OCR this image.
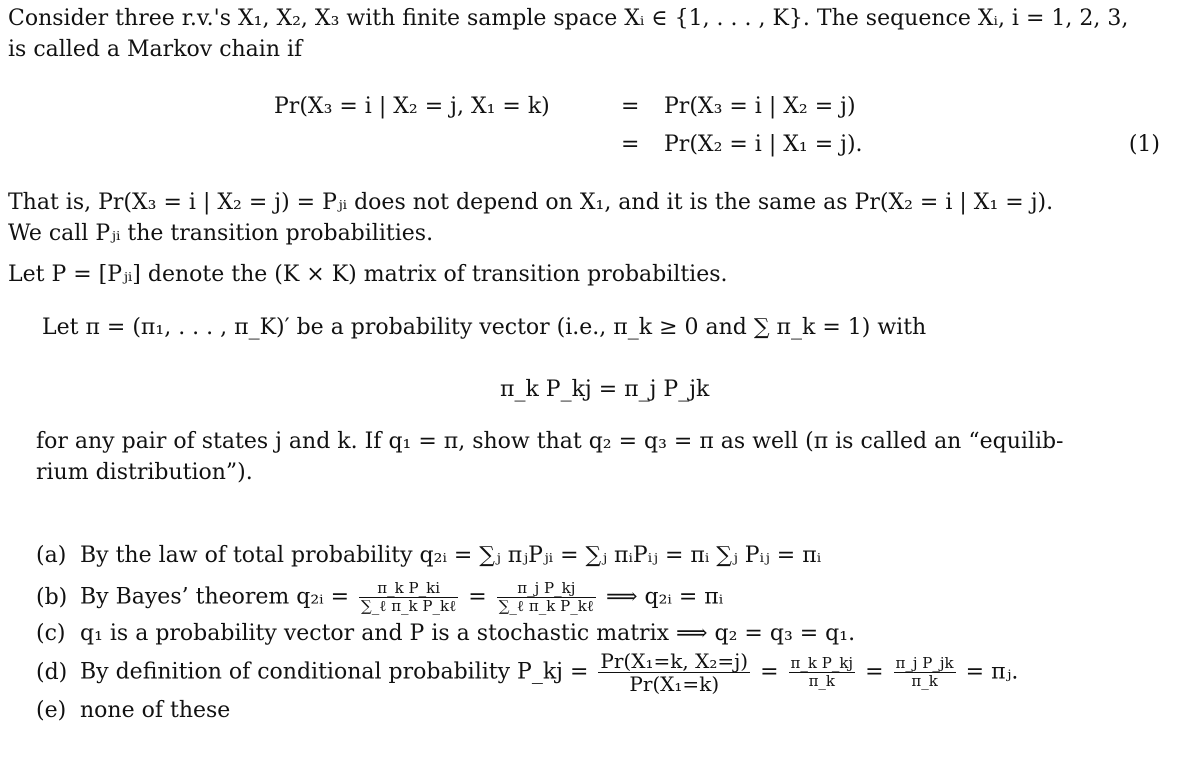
Consider three r.v.'s X₁, X₂, X₃ with finite sample space Xᵢ ∈ {1, . . . , K}. The sequence Xᵢ, i = 1, 2, 3,
is called a Markov chain if
Pr(X₃ = i | X₂ = j, X₁ = k)	= Pr(X₃ = i | X₂ = j)
= Pr(X₂ = i | X₁ = j).	(1)
That is, Pr(X₃ = i | X₂ = j) = Pⱼᵢ does not depend on X₁, and it is the same as Pr(X₂ = i | X₁ = j).
We call Pⱼᵢ the transition probabilities.
Let P = [Pⱼᵢ] denote the (K × K) matrix of transition probabilties.
Let π = (π₁, . . . , π_K)′ be a probability vector (i.e., π_k ≥ 0 and ∑ π_k = 1) with
π_k P_kj = π_j P_jk
for any pair of states j and k. If q₁ = π, show that q₂ = q₃ = π as well (π is called an “equilib-
rium distribution”).
(a) By the law of total probability q₂ᵢ = ∑ⱼ πⱼPⱼᵢ = ∑ⱼ πᵢPᵢⱼ = πᵢ ∑ⱼ Pᵢⱼ = πᵢ
(b) By Bayes’ theorem q₂ᵢ = $\frac{\text{π\_k P\_ki}}{\text{∑\_ℓ π\_k P\_kℓ}} = \frac{\text{π\_j P\_kj}}{\text{∑\_ℓ π\_k P\_kℓ}}$ ⟹ q₂ᵢ = πᵢ
(c) q₁ is a probability vector and P is a stochastic matrix ⟹ q₂ = q₃ = q₁.
(d) By definition of conditional probability P_kj = $\frac{\text{Pr(X₁=k, X₂=j)}}{\text{Pr(X₁=k)}} = \frac{\text{π\_k P\_kj}}{\pi\_k} = \frac{\text{π\_j P\_jk}}{\pi\_k}$ = πⱼ.
(e) none of these
